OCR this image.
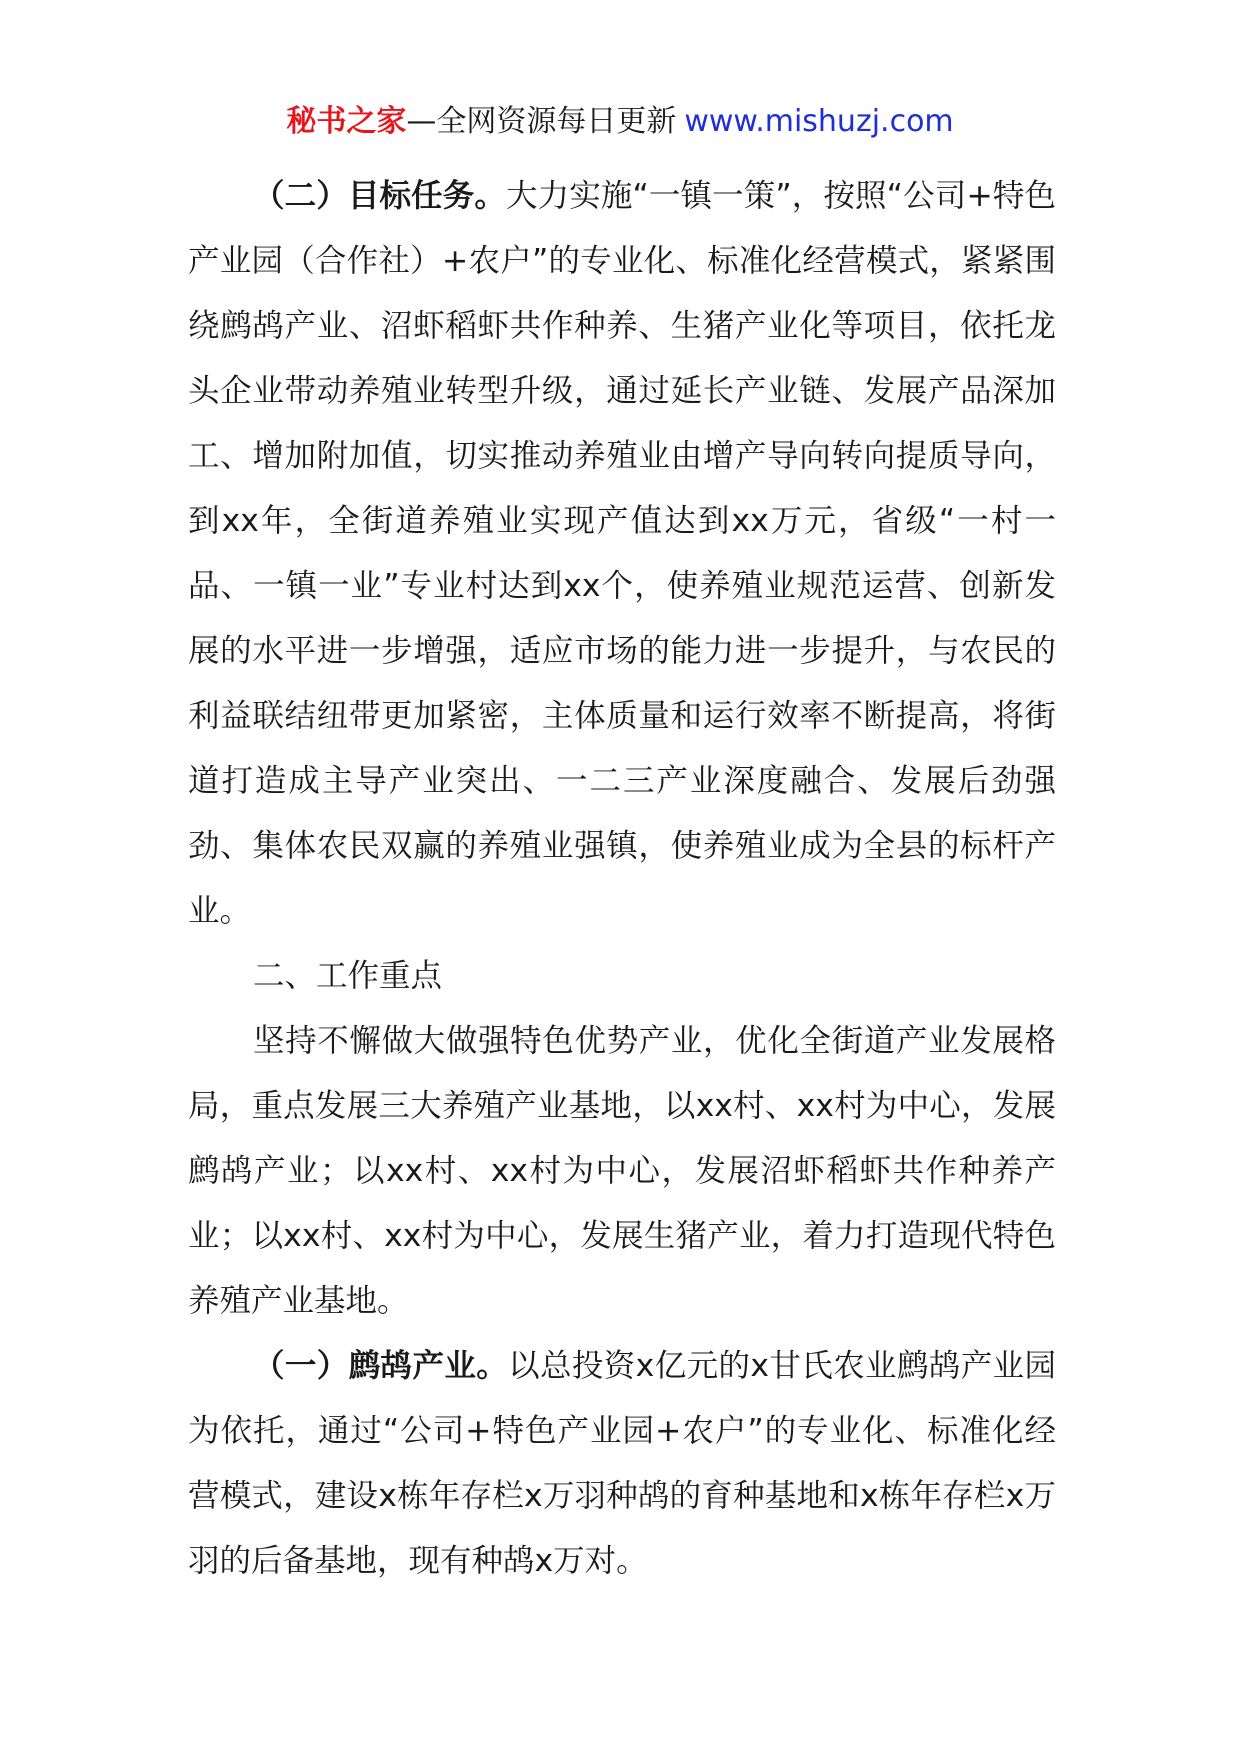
秘书之家—全网资源每日更新 www.mishuzj.com

（二）目标任务。大力实施“一镇一策”，按照“公司+特色产业园（合作社）+农户”的专业化、标准化经营模式，紧紧围绕鹧鸪产业、沼虾稻虾共作种养、生猪产业化等项目，依托龙头企业带动养殖业转型升级，通过延长产业链、发展产品深加工、增加附加值，切实推动养殖业由增产导向转向提质导向，到xx年，全街道养殖业实现产值达到xx万元，省级“一村一品、一镇一业”专业村达到xx个，使养殖业规范运营、创新发展的水平进一步增强，适应市场的能力进一步提升，与农民的利益联结纽带更加紧密，主体质量和运行效率不断提高，将街道打造成主导产业突出、一二三产业深度融合、发展后劲强劲、集体农民双赢的养殖业强镇，使养殖业成为全县的标杆产业。

二、工作重点

坚持不懈做大做强特色优势产业，优化全街道产业发展格局，重点发展三大养殖产业基地，以xx村、xx村为中心，发展鹧鸪产业；以xx村、xx村为中心，发展沼虾稻虾共作种养产业；以xx村、xx村为中心，发展生猪产业，着力打造现代特色养殖产业基地。

（一）鹧鸪产业。以总投资x亿元的x甘氏农业鹧鸪产业园为依托，通过“公司+特色产业园+农户”的专业化、标准化经营模式，建设x栋年存栏x万羽种鸪的育种基地和x栋年存栏x万羽的后备基地，现有种鸪x万对。
